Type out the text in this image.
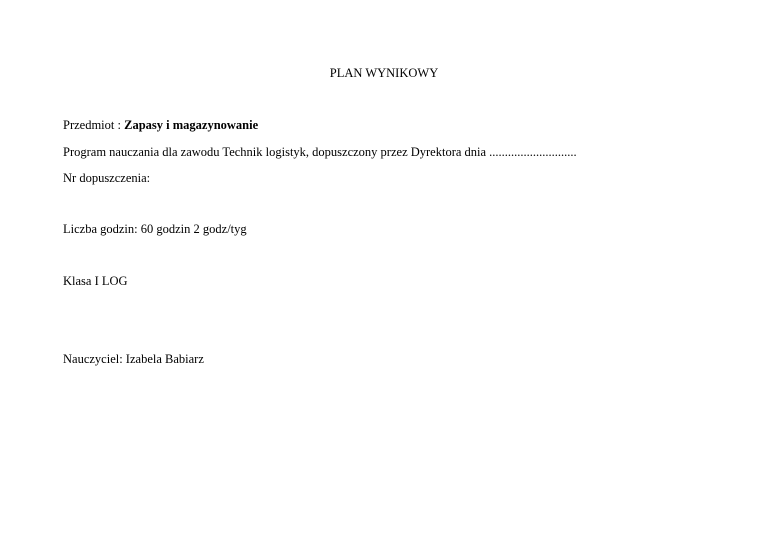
PLAN WYNIKOWY
Przedmiot : Zapasy i magazynowanie
Program nauczania dla zawodu Technik logistyk, dopuszczony przez Dyrektora dnia ............................
Nr dopuszczenia:
Liczba godzin: 60 godzin 2 godz/tyg
Klasa I LOG
Nauczyciel: Izabela Babiarz
